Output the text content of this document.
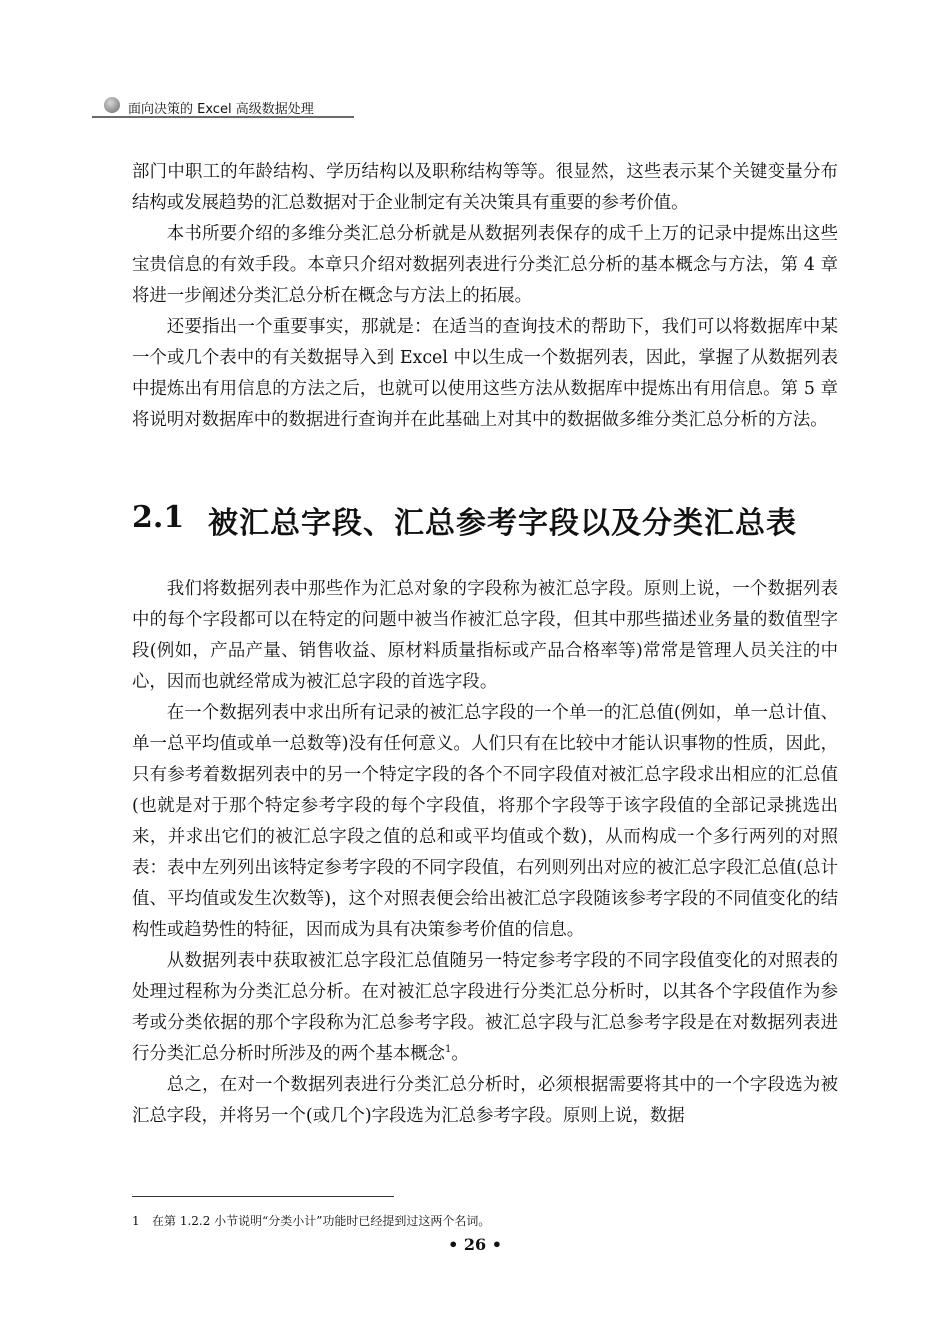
面向决策的 Excel 高级数据处理

部门中职工的年龄结构、学历结构以及职称结构等等。很显然，这些表示某个关键变量分布结构或发展趋势的汇总数据对于企业制定有关决策具有重要的参考价值。

本书所要介绍的多维分类汇总分析就是从数据列表保存的成千上万的记录中提炼出这些宝贵信息的有效手段。本章只介绍对数据列表进行分类汇总分析的基本概念与方法，第 4 章将进一步阐述分类汇总分析在概念与方法上的拓展。

还要指出一个重要事实，那就是：在适当的查询技术的帮助下，我们可以将数据库中某一个或几个表中的有关数据导入到 Excel 中以生成一个数据列表，因此，掌握了从数据列表中提炼出有用信息的方法之后，也就可以使用这些方法从数据库中提炼出有用信息。第 5 章将说明对数据库中的数据进行查询并在此基础上对其中的数据做多维分类汇总分析的方法。

2.1 被汇总字段、汇总参考字段以及分类汇总表

我们将数据列表中那些作为汇总对象的字段称为被汇总字段。原则上说，一个数据列表中的每个字段都可以在特定的问题中被当作被汇总字段，但其中那些描述业务量的数值型字段(例如，产品产量、销售收益、原材料质量指标或产品合格率等)常常是管理人员关注的中心，因而也就经常成为被汇总字段的首选字段。

在一个数据列表中求出所有记录的被汇总字段的一个单一的汇总值(例如，单一总计值、单一总平均值或单一总数等)没有任何意义。人们只有在比较中才能认识事物的性质，因此，只有参考着数据列表中的另一个特定字段的各个不同字段值对被汇总字段求出相应的汇总值(也就是对于那个特定参考字段的每个字段值，将那个字段等于该字段值的全部记录挑选出来，并求出它们的被汇总字段之值的总和或平均值或个数)，从而构成一个多行两列的对照表：表中左列列出该特定参考字段的不同字段值，右列则列出对应的被汇总字段汇总值(总计值、平均值或发生次数等)，这个对照表便会给出被汇总字段随该参考字段的不同值变化的结构性或趋势性的特征，因而成为具有决策参考价值的信息。

从数据列表中获取被汇总字段汇总值随另一特定参考字段的不同字段值变化的对照表的处理过程称为分类汇总分析。在对被汇总字段进行分类汇总分析时，以其各个字段值作为参考或分类依据的那个字段称为汇总参考字段。被汇总字段与汇总参考字段是在对数据列表进行分类汇总分析时所涉及的两个基本概念$^1$。

总之，在对一个数据列表进行分类汇总分析时，必须根据需要将其中的一个字段选为被汇总字段，并将另一个(或几个)字段选为汇总参考字段。原则上说，数据

1 在第 1.2.2 小节说明“分类小计”功能时已经提到过这两个名词。
• 26 •
